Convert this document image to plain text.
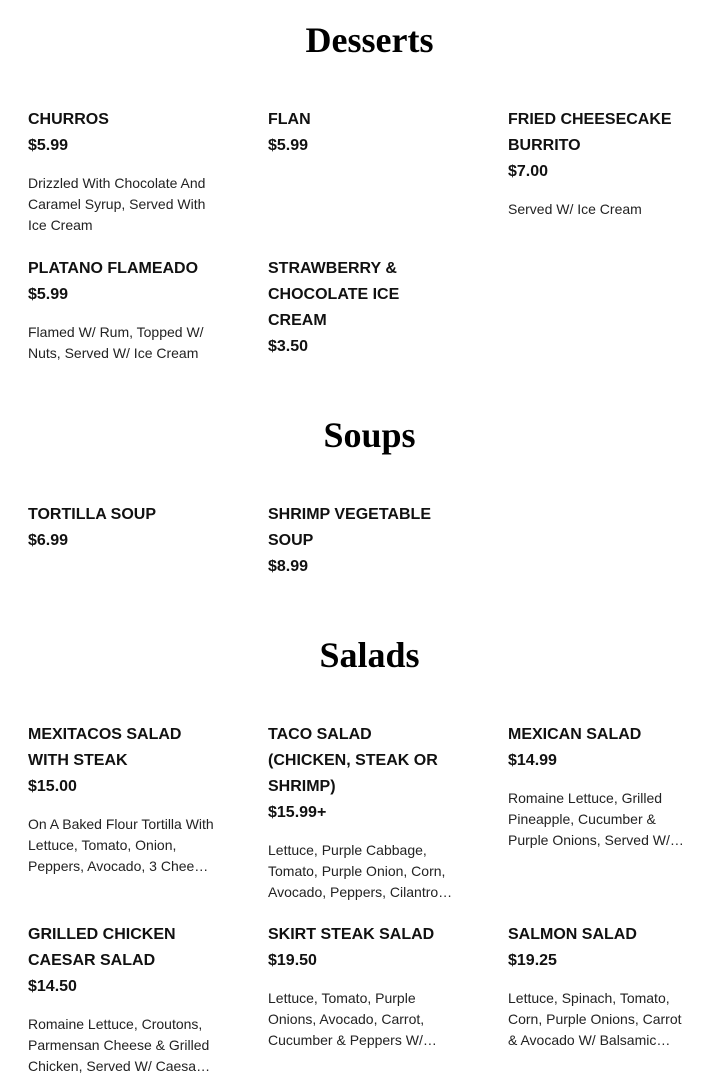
Desserts
CHURROS
$5.99
Drizzled With Chocolate And Caramel Syrup, Served With Ice Cream
FLAN
$5.99
FRIED CHEESECAKE BURRITO
$7.00
Served W/ Ice Cream
PLATANO FLAMEADO
$5.99
Flamed W/ Rum, Topped W/ Nuts, Served W/ Ice Cream
STRAWBERRY & CHOCOLATE ICE CREAM
$3.50
Soups
TORTILLA SOUP
$6.99
SHRIMP VEGETABLE SOUP
$8.99
Salads
MEXITACOS SALAD WITH STEAK
$15.00
On A Baked Flour Tortilla With Lettuce, Tomato, Onion, Peppers, Avocado, 3 Chee…
TACO SALAD (CHICKEN, STEAK OR SHRIMP)
$15.99+
Lettuce, Purple Cabbage, Tomato, Purple Onion, Corn, Avocado, Peppers, Cilantro…
MEXICAN SALAD
$14.99
Romaine Lettuce, Grilled Pineapple, Cucumber & Purple Onions, Served W/…
GRILLED CHICKEN CAESAR SALAD
$14.50
Romaine Lettuce, Croutons, Parmensan Cheese & Grilled Chicken, Served W/ Caesa…
SKIRT STEAK SALAD
$19.50
Lettuce, Tomato, Purple Onions, Avocado, Carrot, Cucumber & Peppers W/…
SALMON SALAD
$19.25
Lettuce, Spinach, Tomato, Corn, Purple Onions, Carrot & Avocado W/ Balsamic…
